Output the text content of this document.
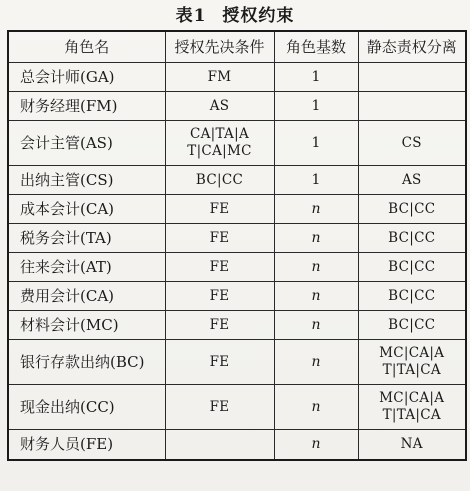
表1 授权约束
角色名	授权先决条件	角色基数	静态责权分离
总会计师(GA)	FM	1	

财务经理(FM)	AS	1	

会计主管(AS)	CA|TA|A
T|CA|MC	1	CS

出纳主管(CS)	BC|CC	1	AS

成本会计(CA)	FE	n	BC|CC

税务会计(TA)	FE	n	BC|CC

往来会计(AT)	FE	n	BC|CC

费用会计(CA)	FE	n	BC|CC

材料会计(MC)	FE	n	BC|CC

银行存款出纳(BC)	FE	n	MC|CA|A
T|TA|CA

现金出纳(CC)	FE	n	MC|CA|A
T|TA|CA

财务人员(FE)		n	NA
